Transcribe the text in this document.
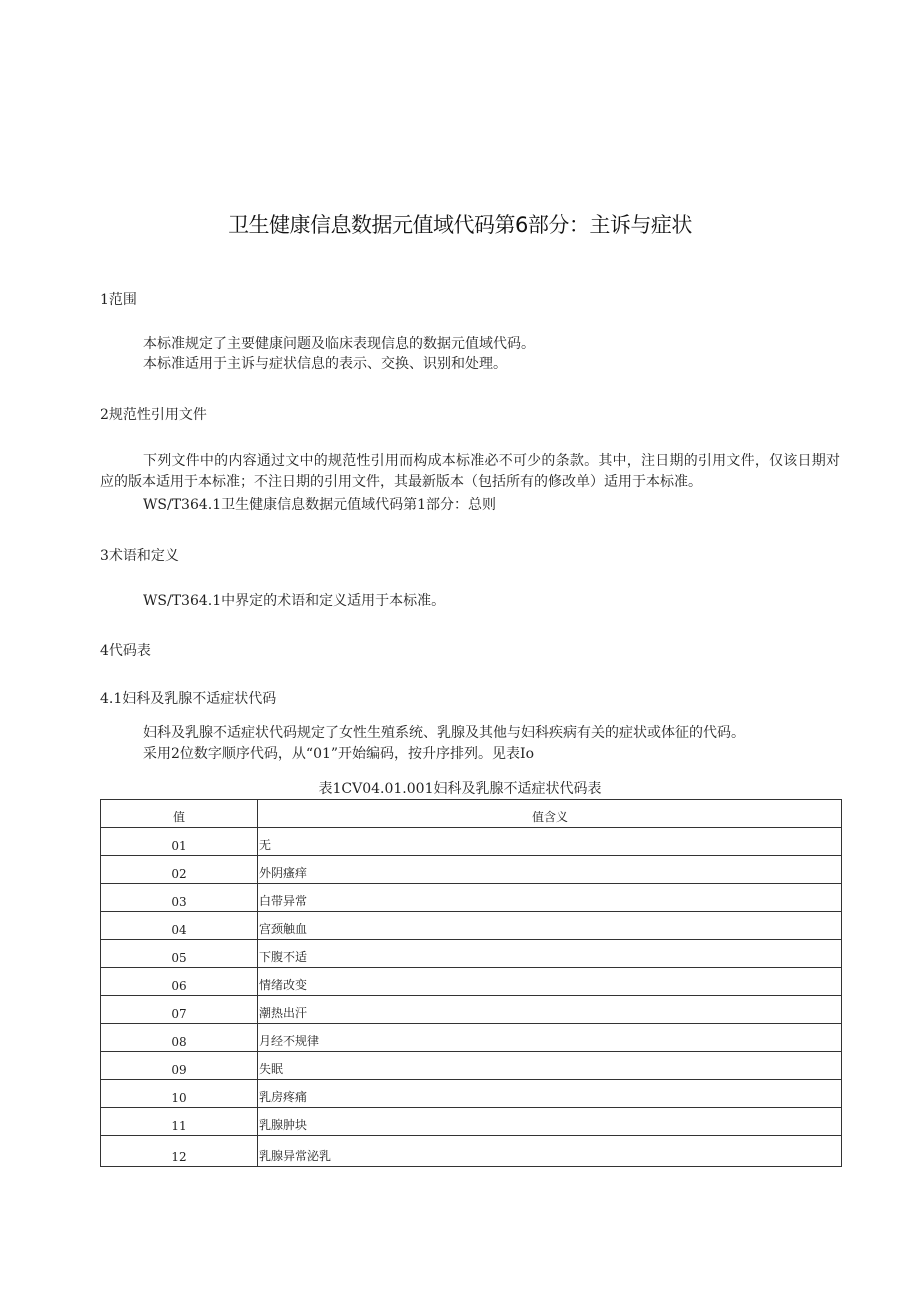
卫生健康信息数据元值域代码第6部分：主诉与症状
1范围
本标准规定了主要健康问题及临床表现信息的数据元值域代码。
本标准适用于主诉与症状信息的表示、交换、识别和处理。
2规范性引用文件
下列文件中的内容通过文中的规范性引用而构成本标准必不可少的条款。其中，注日期的引用文件，仅该日期对应的版本适用于本标准；不注日期的引用文件，其最新版本（包括所有的修改单）适用于本标准。
WS/T364.1卫生健康信息数据元值域代码第1部分：总则
3术语和定义
WS/T364.1中界定的术语和定义适用于本标准。
4代码表
4.1妇科及乳腺不适症状代码
妇科及乳腺不适症状代码规定了女性生殖系统、乳腺及其他与妇科疾病有关的症状或体征的代码。
采用2位数字顺序代码，从“01”开始编码，按升序排列。见表Io
表1CV04.01.001妇科及乳腺不适症状代码表
值	值含义
01	无
02	外阴瘙痒
03	白带异常
04	宫颈触血
05	下腹不适
06	情绪改变
07	潮热出汗
08	月经不规律
09	失眠
10	乳房疼痛
11	乳腺肿块
12	乳腺异常泌乳
